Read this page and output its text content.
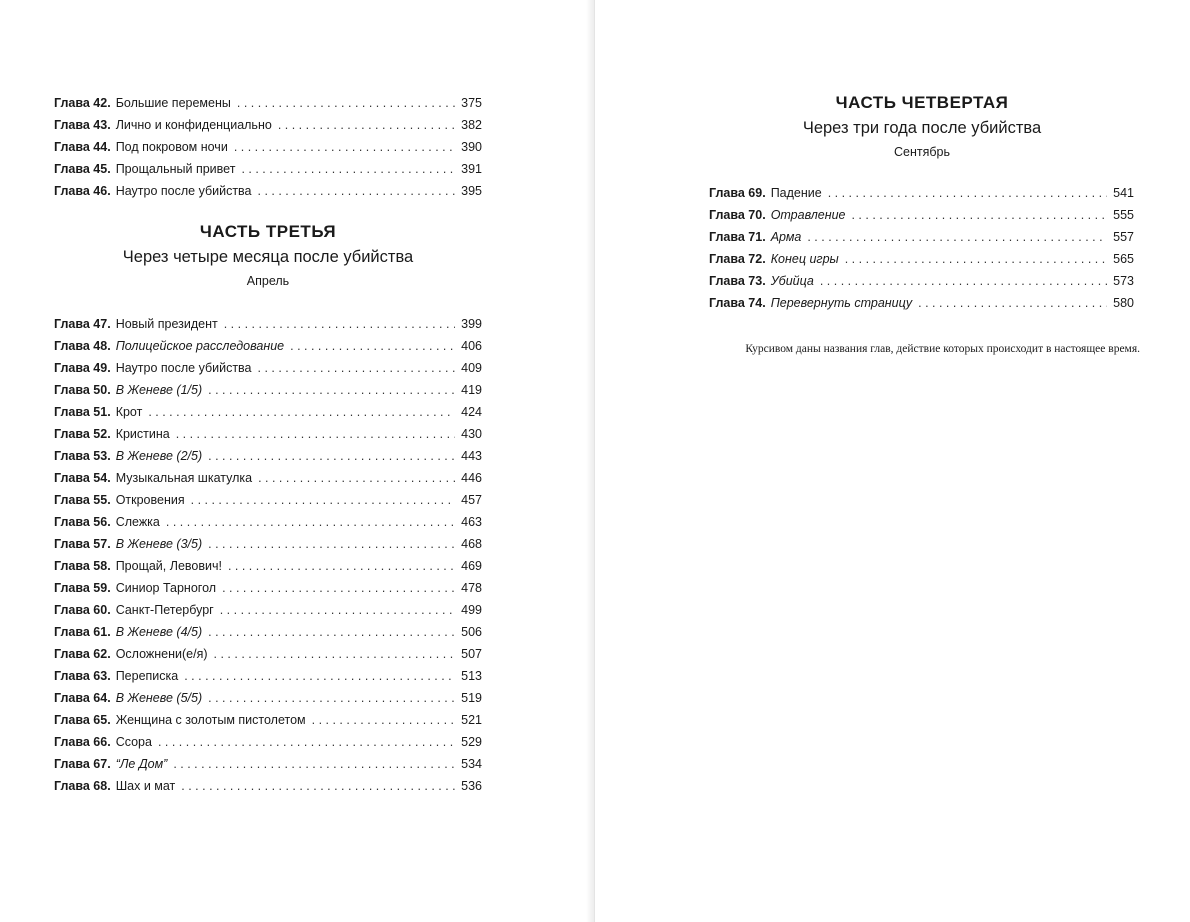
Глава 42. Большие перемены . . .	375
Глава 43. Лично и конфиденциально . . .	382
Глава 44. Под покровом ночи . . .	390
Глава 45. Прощальный привет . . .	391
Глава 46. Наутро после убийства . . .	395
ЧАСТЬ ТРЕТЬЯ
Через четыре месяца после убийства
Апрель
Глава 47. Новый президент . . .	399
Глава 48. Полицейское расследование . . .	406
Глава 49. Наутро после убийства . . .	409
Глава 50. В Женеве (1/5) . . .	419
Глава 51. Крот . . .	424
Глава 52. Кристина . . .	430
Глава 53. В Женеве (2/5) . . .	443
Глава 54. Музыкальная шкатулка . . .	446
Глава 55. Откровения . . .	457
Глава 56. Слежка . . .	463
Глава 57. В Женеве (3/5) . . .	468
Глава 58. Прощай, Левович! . . .	469
Глава 59. Синиор Тарногол . . .	478
Глава 60. Санкт-Петербург . . .	499
Глава 61. В Женеве (4/5) . . .	506
Глава 62. Осложнени(е/я) . . .	507
Глава 63. Переписка . . .	513
Глава 64. В Женеве (5/5) . . .	519
Глава 65. Женщина с золотым пистолетом . . .	521
Глава 66. Ссора . . .	529
Глава 67. “Ле Дом” . . .	534
Глава 68. Шах и мат . . .	536
ЧАСТЬ ЧЕТВЕРТАЯ
Через три года после убийства
Сентябрь
Глава 69. Падение . . .	541
Глава 70. Отравление . . .	555
Глава 71. Арма . . .	557
Глава 72. Конец игры . . .	565
Глава 73. Убийца . . .	573
Глава 74. Перевернуть страницу . . .	580
Курсивом даны названия глав, действие которых происходит в настоящее время.
